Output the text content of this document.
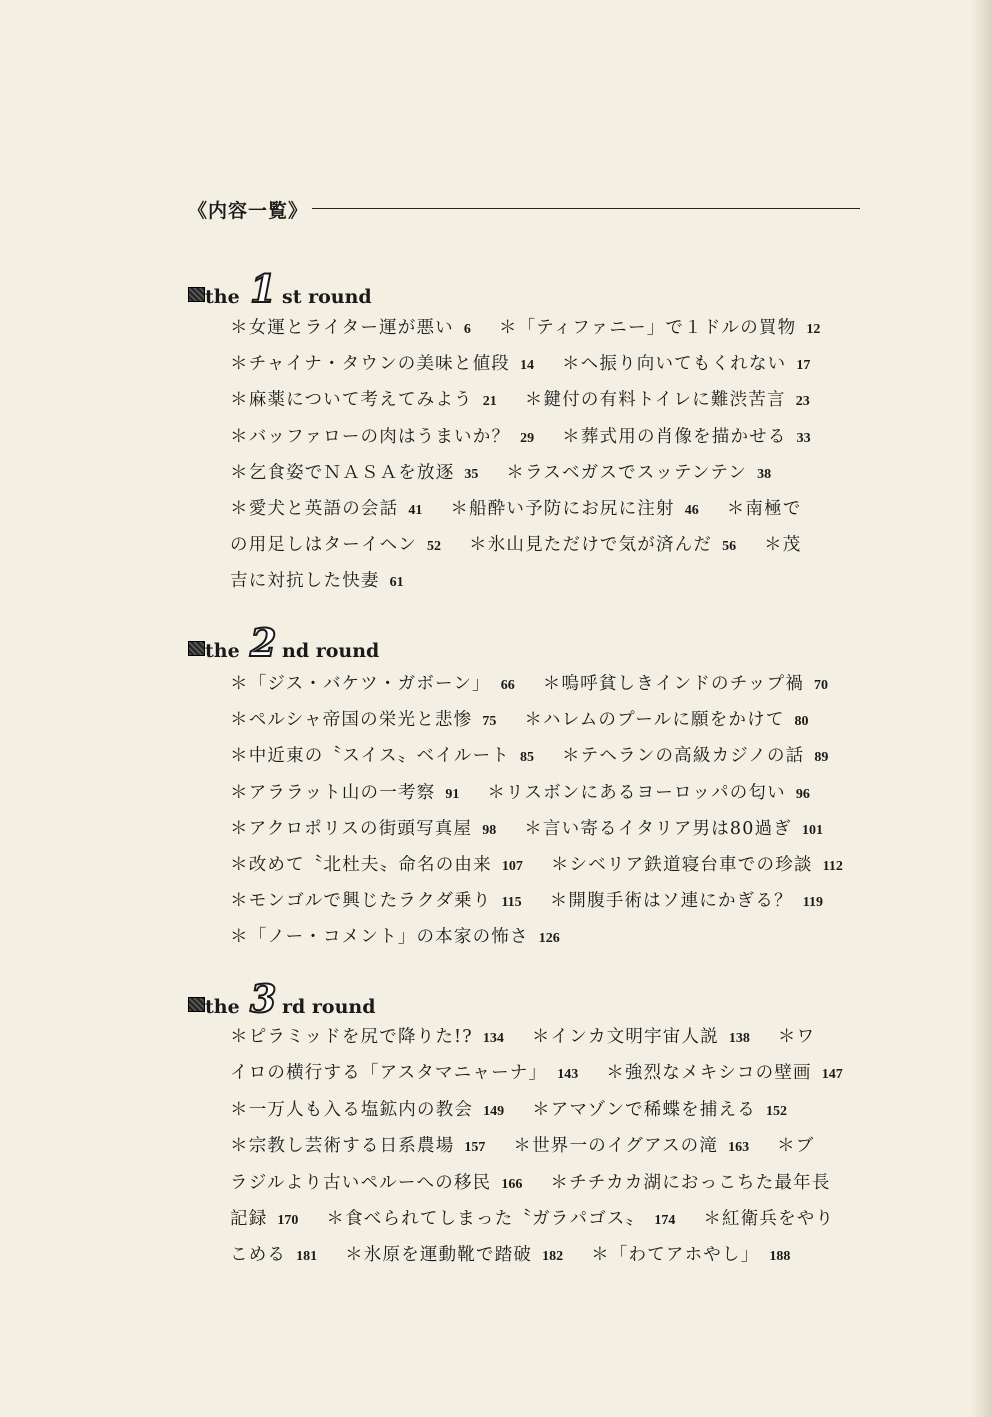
《内容一覧》
the 1 st round
＊女運とライター運が悪い 6 ＊「ティファニー」で１ドルの買物 12
＊チャイナ・タウンの美味と値段 14 ＊ヘ振り向いてもくれない 17
＊麻薬について考えてみよう 21 ＊鍵付の有料トイレに難渋苦言 23
＊バッファローの肉はうまいか？ 29 ＊葬式用の肖像を描かせる 33
＊乞食姿でＮＡＳＡを放逐 35 ＊ラスベガスでスッテンテン 38
＊愛犬と英語の会話 41 ＊船酔い予防にお尻に注射 46 ＊南極で
の用足しはターイヘン 52 ＊氷山見ただけで気が済んだ 56 ＊茂
吉に対抗した快妻 61
the 2 nd round
＊「ジス・バケツ・ガボーン」 66 ＊嗚呼貧しきインドのチップ禍 70
＊ペルシャ帝国の栄光と悲惨 75 ＊ハレムのプールに願をかけて 80
＊中近東の〝スイス〟ベイルート 85 ＊テヘランの高級カジノの話 89
＊アララット山の一考察 91 ＊リスボンにあるヨーロッパの匂い 96
＊アクロポリスの街頭写真屋 98 ＊言い寄るイタリア男は80過ぎ 101
＊改めて〝北杜夫〟命名の由来 107 ＊シベリア鉄道寝台車での珍談 112
＊モンゴルで興じたラクダ乗り 115 ＊開腹手術はソ連にかぎる？ 119
＊「ノー・コメント」の本家の怖さ 126
the 3 rd round
＊ピラミッドを尻で降りた!? 134 ＊インカ文明宇宙人説 138 ＊ワ
イロの横行する「アスタマニャーナ」 143 ＊強烈なメキシコの壁画 147
＊一万人も入る塩鉱内の教会 149 ＊アマゾンで稀蝶を捕える 152
＊宗教し芸術する日系農場 157 ＊世界一のイグアスの滝 163 ＊ブ
ラジルより古いペルーへの移民 166 ＊チチカカ湖におっこちた最年長
記録 170 ＊食べられてしまった〝ガラパゴス〟 174 ＊紅衛兵をやり
こめる 181 ＊氷原を運動靴で踏破 182 ＊「わてアホやし」 188
